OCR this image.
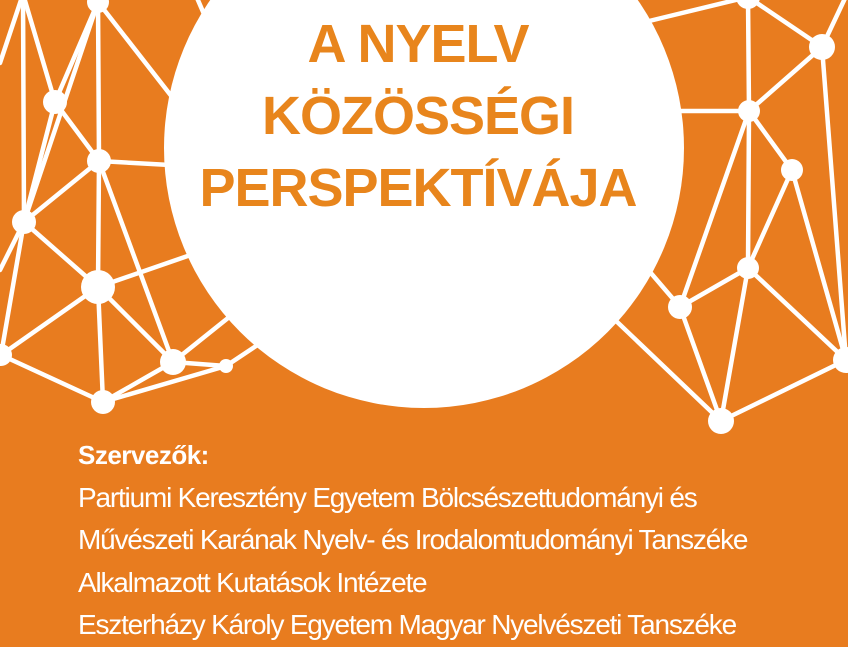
A NYELV
KÖZÖSSÉGI
PERSPEKTÍVÁJA
Szervezők:
Partiumi Keresztény Egyetem Bölcsészettudományi és
Művészeti Karának Nyelv- és Irodalomtudományi Tanszéke
Alkalmazott Kutatások Intézete
Eszterházy Károly Egyetem Magyar Nyelvészeti Tanszéke
